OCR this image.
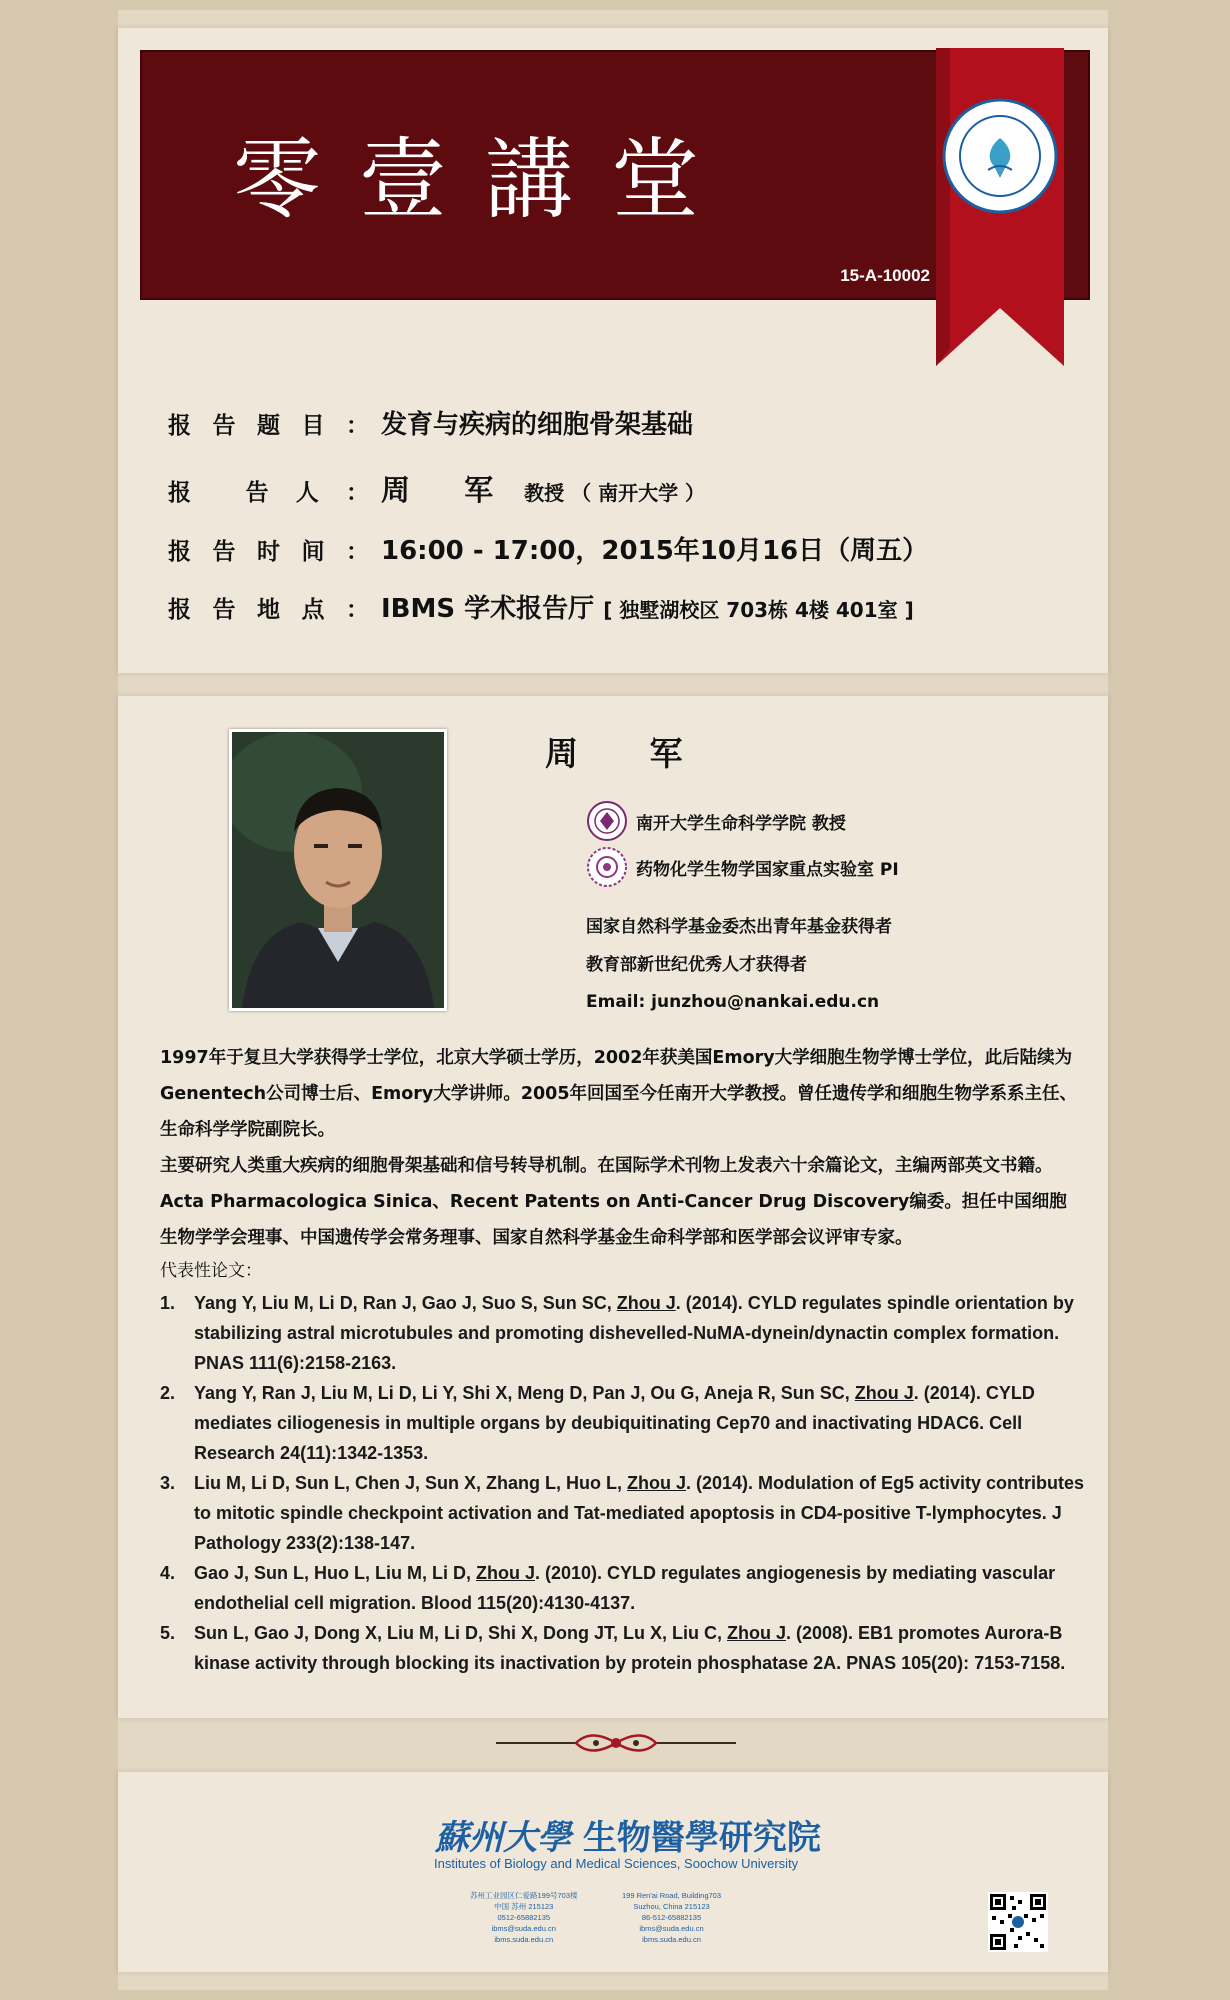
零壹講堂
15-A-10002
报 告 题 目 ： 发育与疾病的细胞骨架基础
报 告 人 ： 周 军 教授 （ 南开大学 ）
报 告 时 间 ： 16:00 - 17:00，2015年10月16日（周五）
报 告 地 点 ： IBMS 学术报告厅 [ 独墅湖校区 703栋 4楼 401室 ]
周 军
南开大学生命科学学院 教授
药物化学生物学国家重点实验室 PI
国家自然科学基金委杰出青年基金获得者
教育部新世纪优秀人才获得者
Email: junzhou@nankai.edu.cn
1997年于复旦大学获得学士学位，北京大学硕士学历，2002年获美国Emory大学细胞生物学博士学位，此后陆续为Genentech公司博士后、Emory大学讲师。2005年回国至今任南开大学教授。曾任遗传学和细胞生物学系系主任、生命科学学院副院长。
主要研究人类重大疾病的细胞骨架基础和信号转导机制。在国际学术刊物上发表六十余篇论文，主编两部英文书籍。Acta Pharmacologica Sinica、Recent Patents on Anti-Cancer Drug Discovery编委。担任中国细胞生物学学会理事、中国遗传学会常务理事、国家自然科学基金生命科学部和医学部会议评审专家。
代表性论文：
1.	Yang Y, Liu M, Li D, Ran J, Gao J, Suo S, Sun SC, Zhou J. (2014). CYLD regulates spindle orientation by stabilizing astral microtubules and promoting dishevelled-NuMA-dynein/dynactin complex formation. PNAS 111(6):2158-2163.
2.	Yang Y, Ran J, Liu M, Li D, Li Y, Shi X, Meng D, Pan J, Ou G, Aneja R, Sun SC, Zhou J. (2014). CYLD mediates ciliogenesis in multiple organs by deubiquitinating Cep70 and inactivating HDAC6. Cell Research 24(11):1342-1353.
3.	Liu M, Li D, Sun L, Chen J, Sun X, Zhang L, Huo L, Zhou J. (2014). Modulation of Eg5 activity contributes to mitotic spindle checkpoint activation and Tat-mediated apoptosis in CD4-positive T-lymphocytes. J Pathology 233(2):138-147.
4.	Gao J, Sun L, Huo L, Liu M, Li D, Zhou J. (2010). CYLD regulates angiogenesis by mediating vascular endothelial cell migration. Blood 115(20):4130-4137.
5.	Sun L, Gao J, Dong X, Liu M, Li D, Shi X, Dong JT, Lu X, Liu C, Zhou J. (2008). EB1 promotes Aurora-B kinase activity through blocking its inactivation by protein phosphatase 2A. PNAS 105(20): 7153-7158.
蘇州大學 生物醫學研究院
Institutes of Biology and Medical Sciences, Soochow University
苏州工业园区仁爱路199号703楼
中国 苏州 215123
0512-65882135
ibms@suda.edu.cn
ibms.suda.edu.cn
199 Ren'ai Road, Building703
Suzhou, China 215123
86-512-65882135
ibms@suda.edu.cn
ibms.suda.edu.cn
